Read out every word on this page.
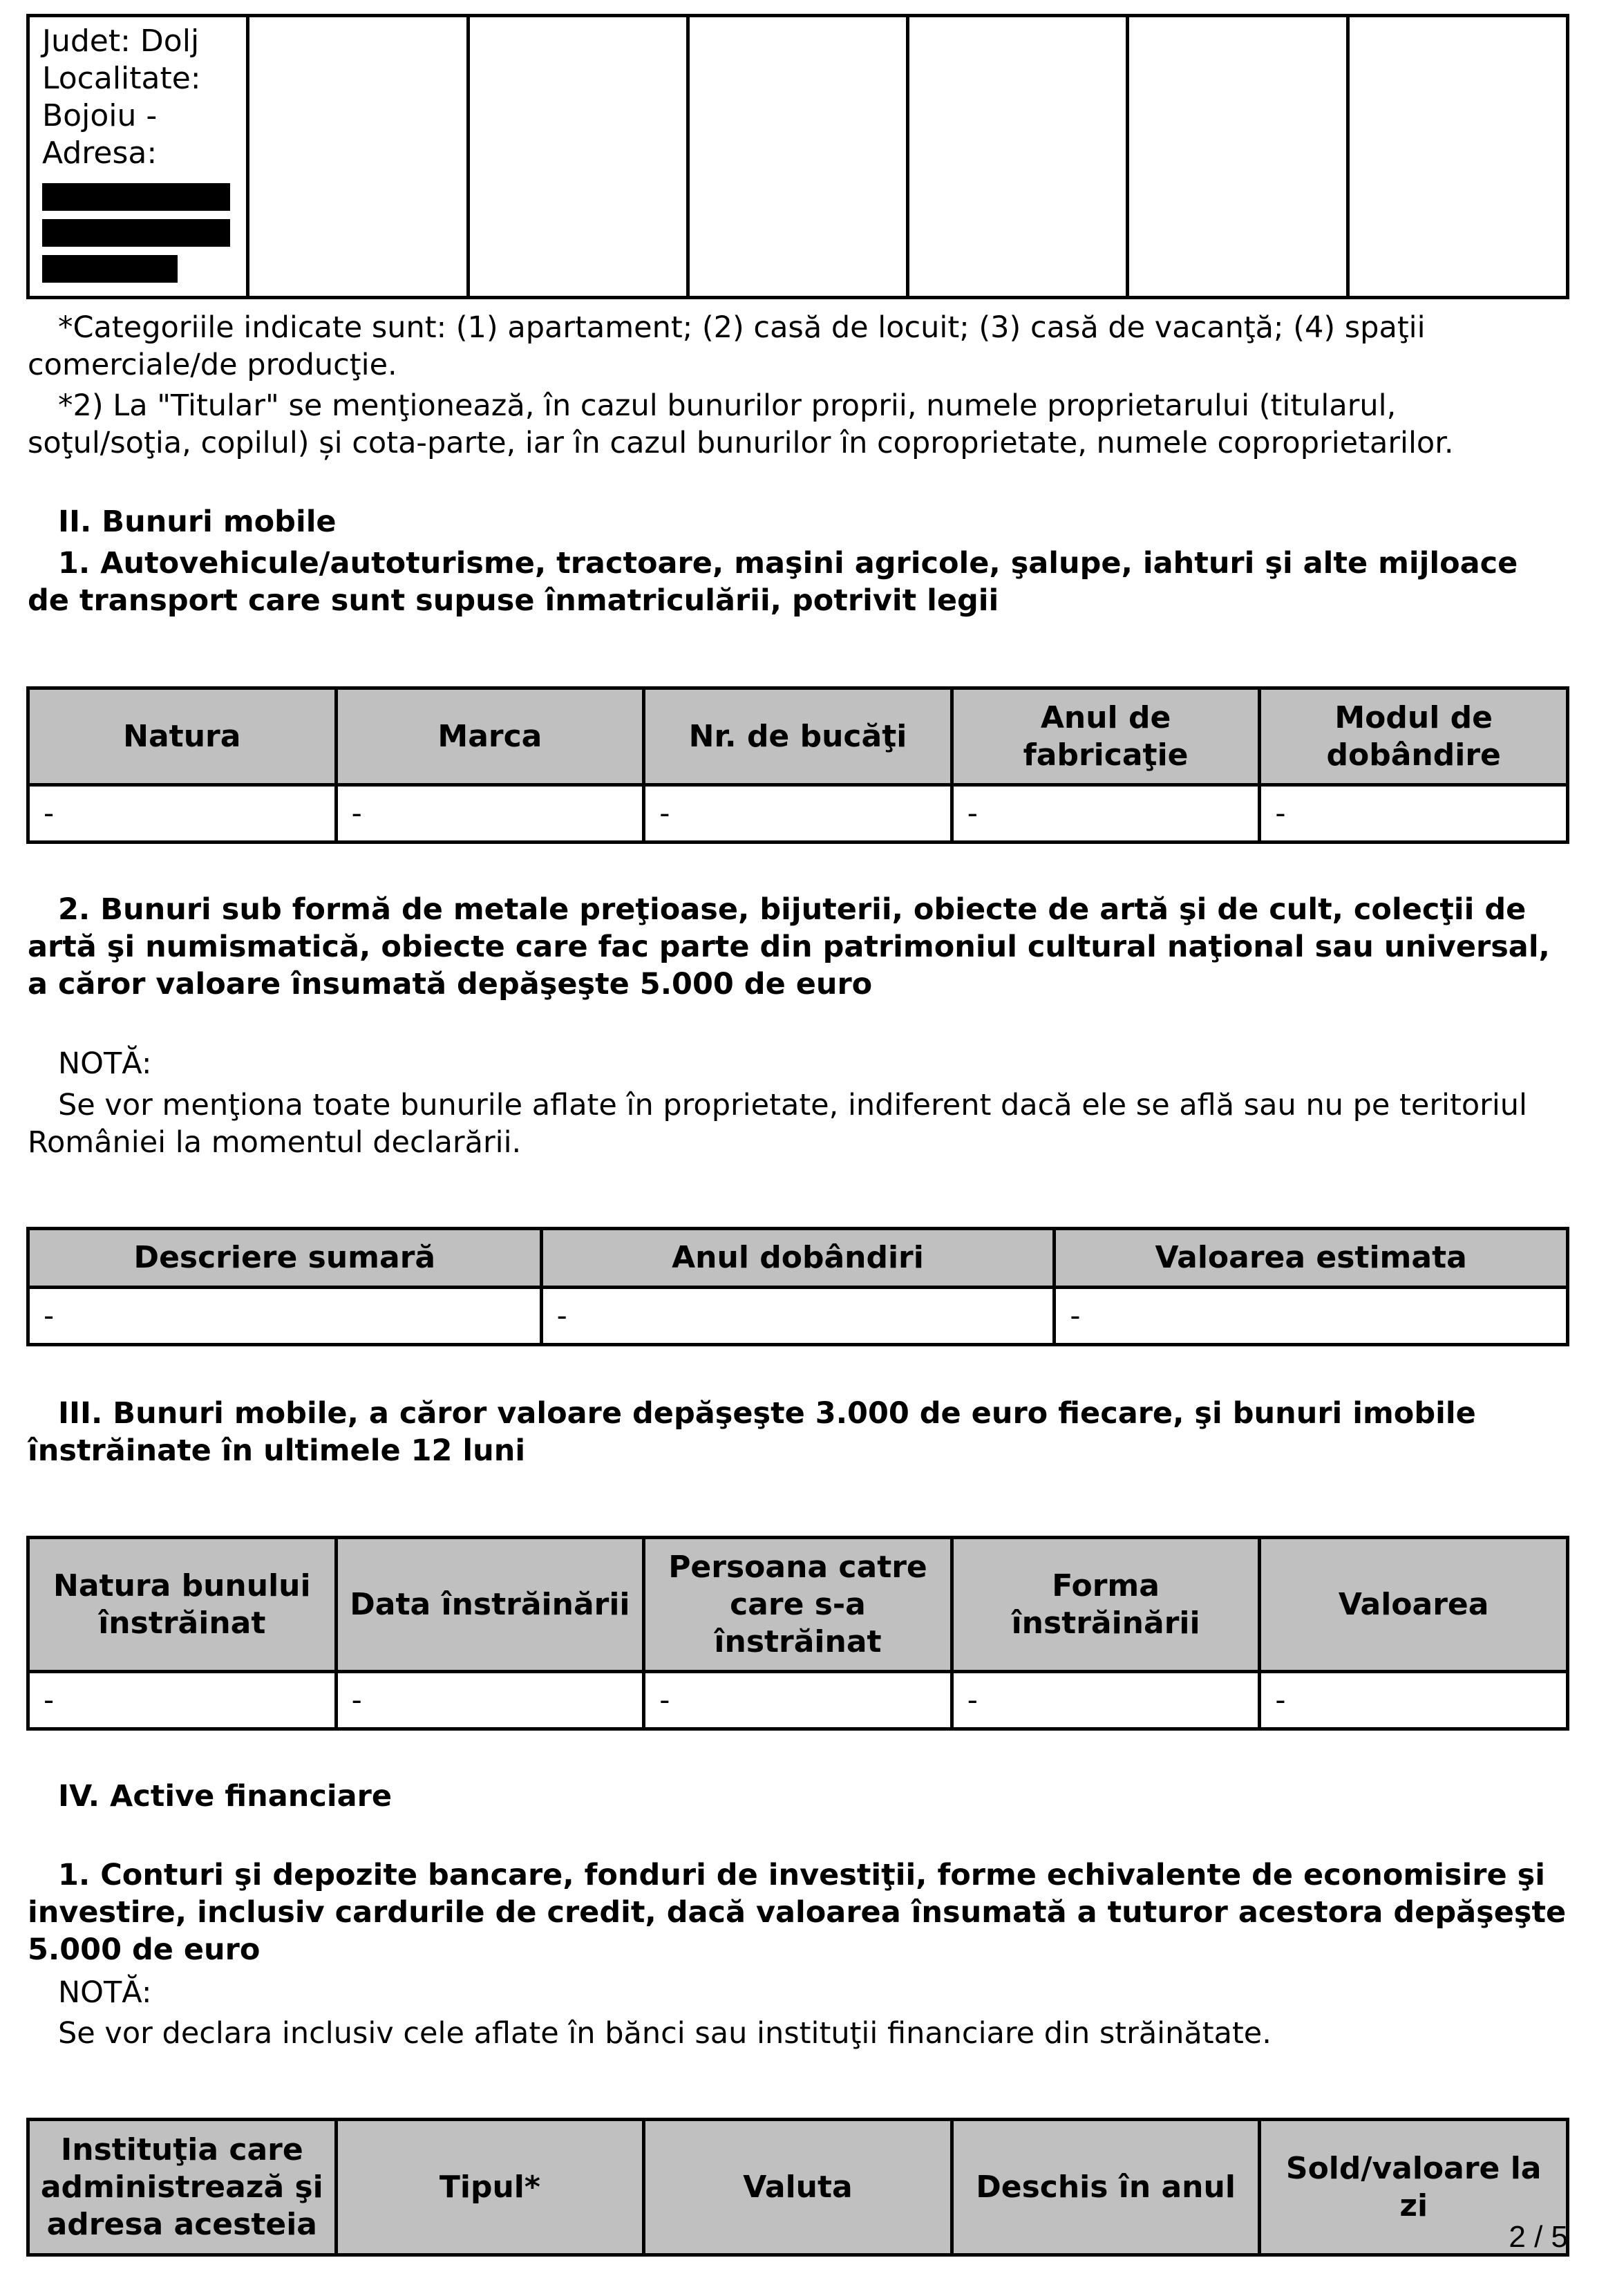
Judet: Dolj
Localitate:
Bojoiu -
Adresa:

*Categoriile indicate sunt: (1) apartament; (2) casă de locuit; (3) casă de vacanţă; (4) spaţii comerciale/de producţie.

*2) La "Titular" se menţionează, în cazul bunurilor proprii, numele proprietarului (titularul, soţul/soţia, copilul) și cota-parte, iar în cazul bunurilor în coproprietate, numele coproprietarilor.

II. Bunuri mobile

1. Autovehicule/autoturisme, tractoare, maşini agricole, şalupe, iahturi şi alte mijloace de transport care sunt supuse înmatriculării, potrivit legii

Natura	Marca	Nr. de bucăţi	Anul de fabricaţie	Modul de dobândire
-	-	-	-	-

2. Bunuri sub formă de metale preţioase, bijuterii, obiecte de artă şi de cult, colecţii de artă şi numismatică, obiecte care fac parte din patrimoniul cultural naţional sau universal, a căror valoare însumată depăşeşte 5.000 de euro

NOTĂ:

Se vor menţiona toate bunurile aflate în proprietate, indiferent dacă ele se află sau nu pe teritoriul României la momentul declarării.

Descriere sumară	Anul dobândiri	Valoarea estimata
-	-	-

III. Bunuri mobile, a căror valoare depăşeşte 3.000 de euro fiecare, şi bunuri imobile înstrăinate în ultimele 12 luni

Natura bunului înstrăinat	Data înstrăinării	Persoana catre care s-a înstrăinat	Forma înstrăinării	Valoarea
-	-	-	-	-

IV. Active financiare

1. Conturi şi depozite bancare, fonduri de investiţii, forme echivalente de economisire şi investire, inclusiv cardurile de credit, dacă valoarea însumată a tuturor acestora depăşeşte 5.000 de euro

NOTĂ:

Se vor declara inclusiv cele aflate în bănci sau instituţii financiare din străinătate.

Instituţia care administrează şi adresa acesteia	Tipul*	Valuta	Deschis în anul	Sold/valoare la zi
2 / 5
